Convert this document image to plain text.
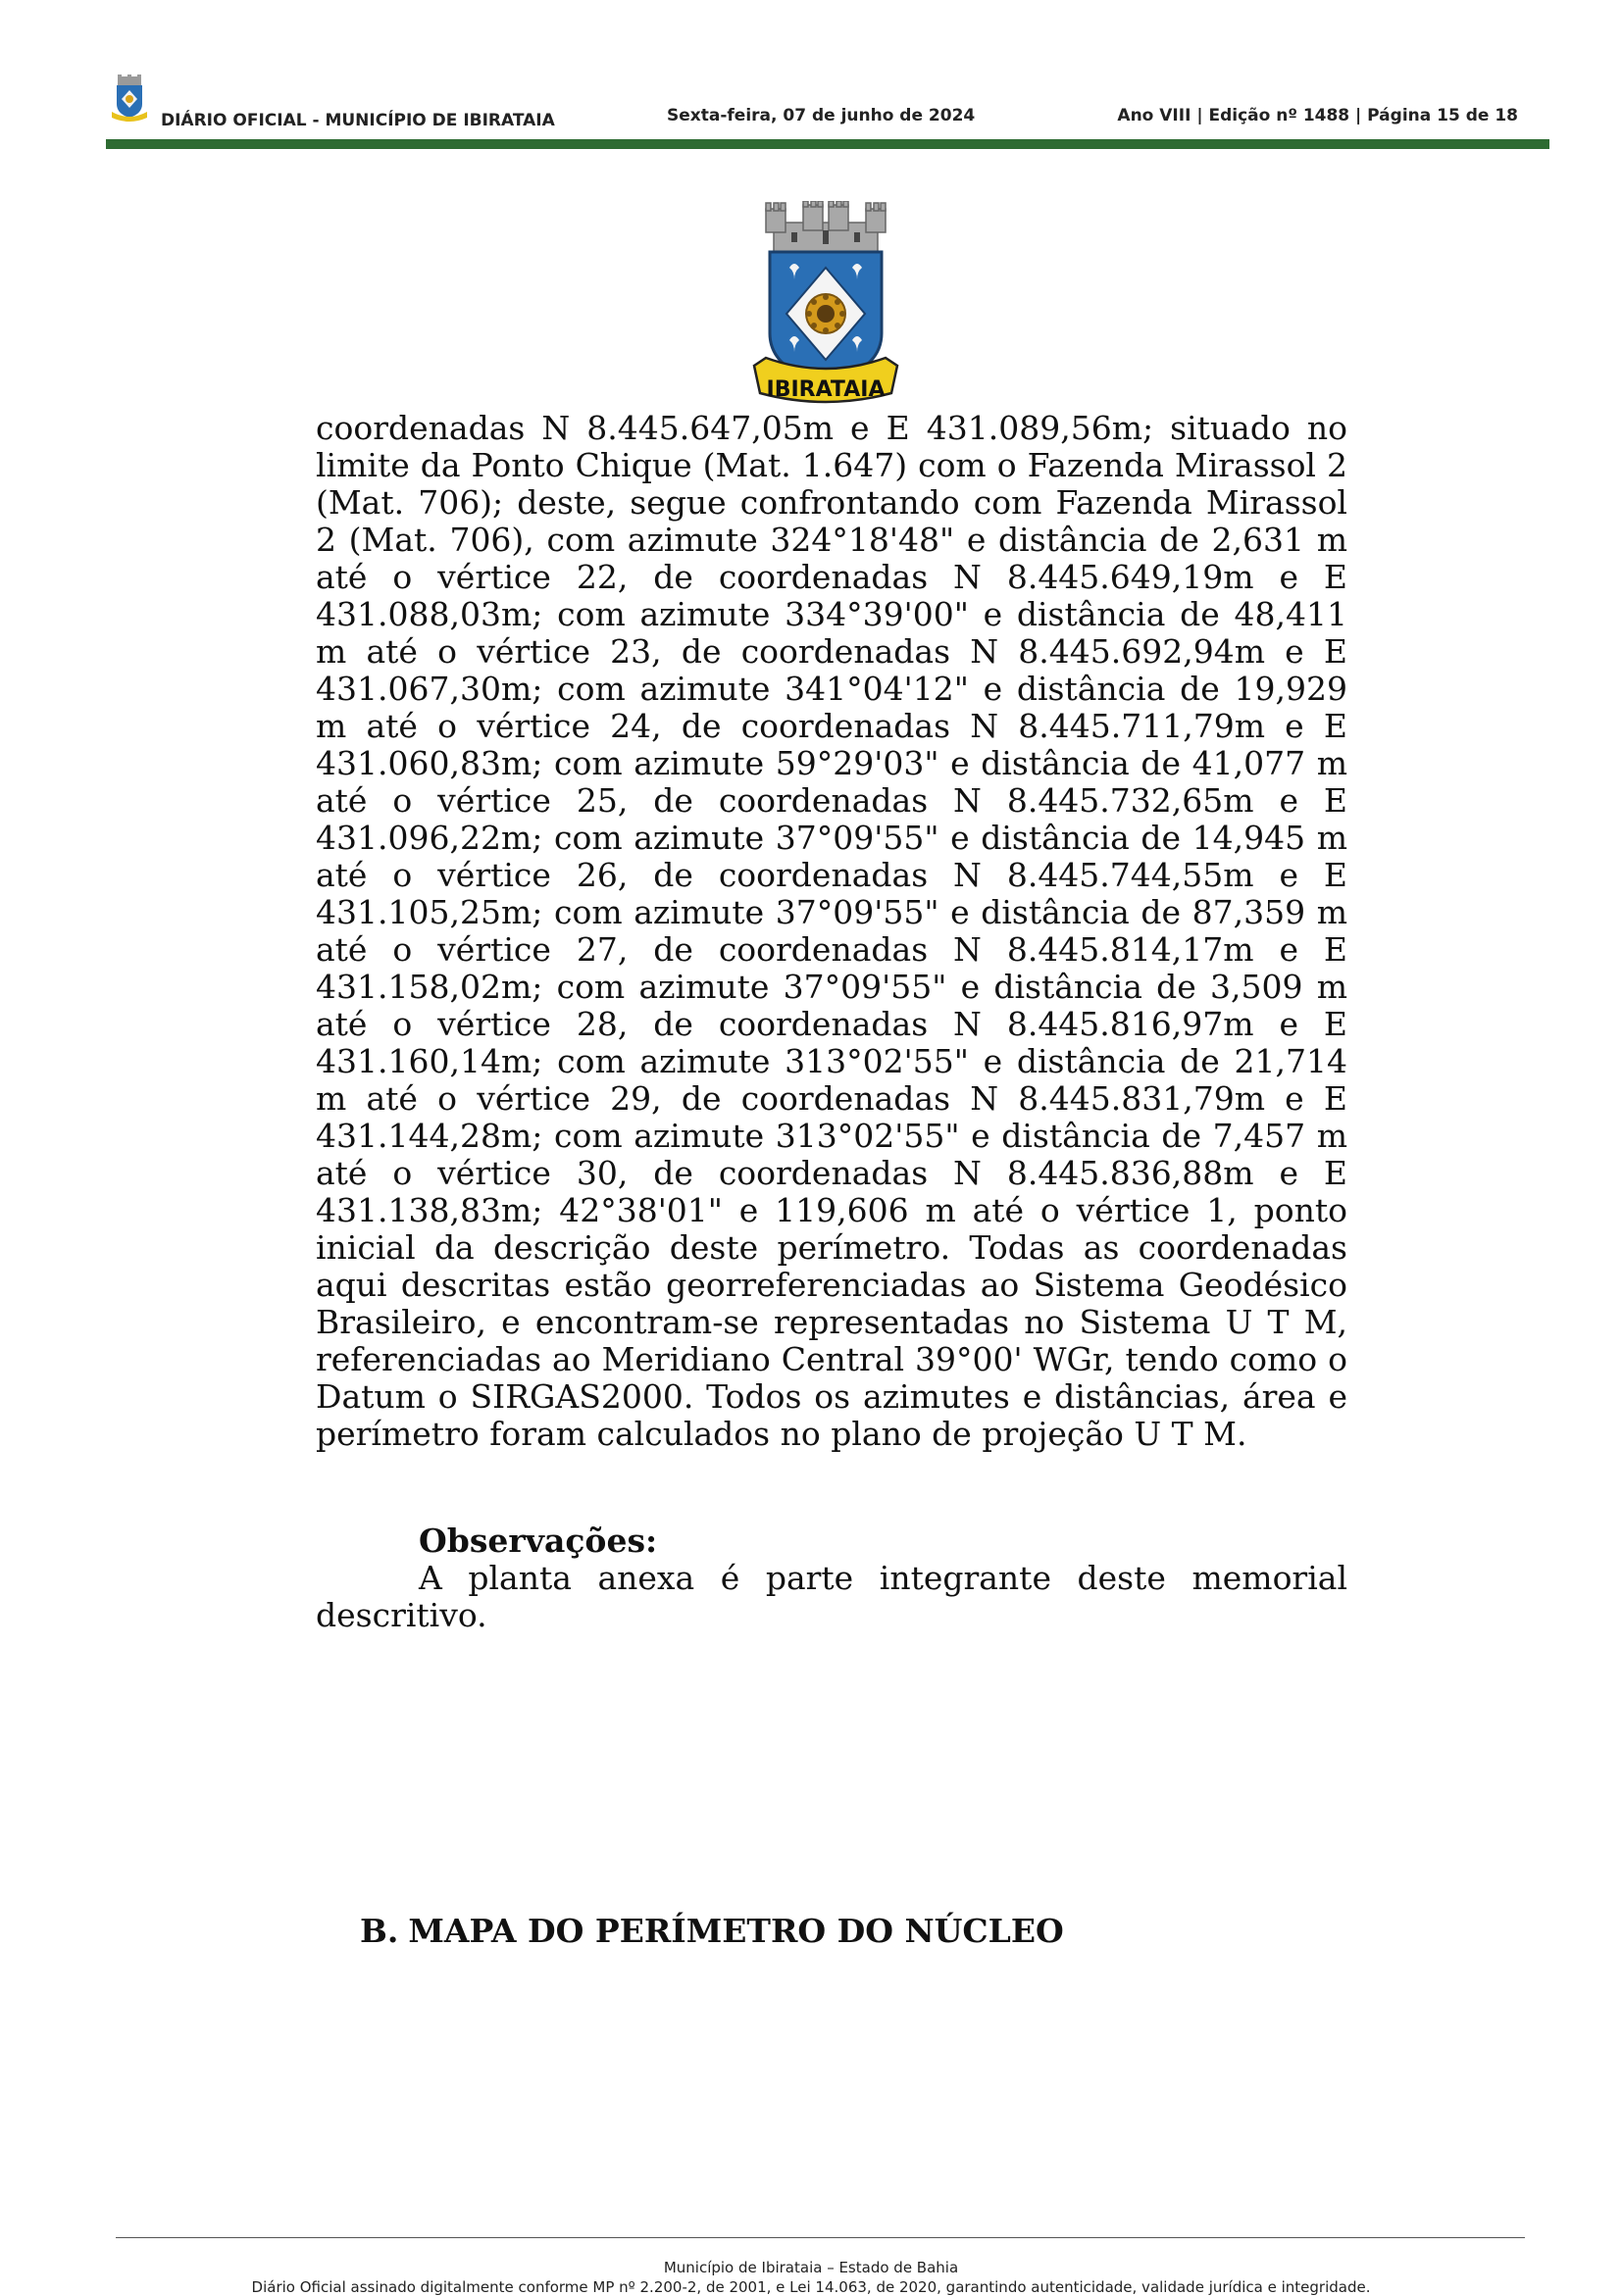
DIÁRIO OFICIAL - MUNICÍPIO DE IBIRATAIA	Sexta-feira, 07 de junho de 2024	Ano VIII | Edição nº 1488 | Página 15 de 18
IBIRATAIA
coordenadas N 8.445.647,05m e E 431.089,56m; situado no limite da Ponto Chique (Mat. 1.647) com o Fazenda Mirassol 2 (Mat. 706); deste, segue confrontando com Fazenda Mirassol 2 (Mat. 706), com azimute 324°18'48" e distância de 2,631 m até o vértice 22, de coordenadas N 8.445.649,19m e E 431.088,03m; com azimute 334°39'00" e distância de 48,411 m até o vértice 23, de coordenadas N 8.445.692,94m e E 431.067,30m; com azimute 341°04'12" e distância de 19,929 m até o vértice 24, de coordenadas N 8.445.711,79m e E 431.060,83m; com azimute 59°29'03" e distância de 41,077 m até o vértice 25, de coordenadas N 8.445.732,65m e E 431.096,22m; com azimute 37°09'55" e distância de 14,945 m até o vértice 26, de coordenadas N 8.445.744,55m e E 431.105,25m; com azimute 37°09'55" e distância de 87,359 m até o vértice 27, de coordenadas N 8.445.814,17m e E 431.158,02m; com azimute 37°09'55" e distância de 3,509 m até o vértice 28, de coordenadas N 8.445.816,97m e E 431.160,14m; com azimute 313°02'55" e distância de 21,714 m até o vértice 29, de coordenadas N 8.445.831,79m e E 431.144,28m; com azimute 313°02'55" e distância de 7,457 m até o vértice 30, de coordenadas N 8.445.836,88m e E 431.138,83m; 42°38'01" e 119,606 m até o vértice 1, ponto inicial da descrição deste perímetro. Todas as coordenadas aqui descritas estão georreferenciadas ao Sistema Geodésico Brasileiro, e encontram-se representadas no Sistema U T M, referenciadas ao Meridiano Central 39°00' WGr, tendo como o Datum o SIRGAS2000. Todos os azimutes e distâncias, área e perímetro foram calculados no plano de projeção U T M.
Observações:
A planta anexa é parte integrante deste memorial descritivo.
B. MAPA DO PERÍMETRO DO NÚCLEO
Município de Ibirataia – Estado de Bahia
Diário Oficial assinado digitalmente conforme MP nº 2.200-2, de 2001, e Lei 14.063, de 2020, garantindo autenticidade, validade jurídica e integridade.
